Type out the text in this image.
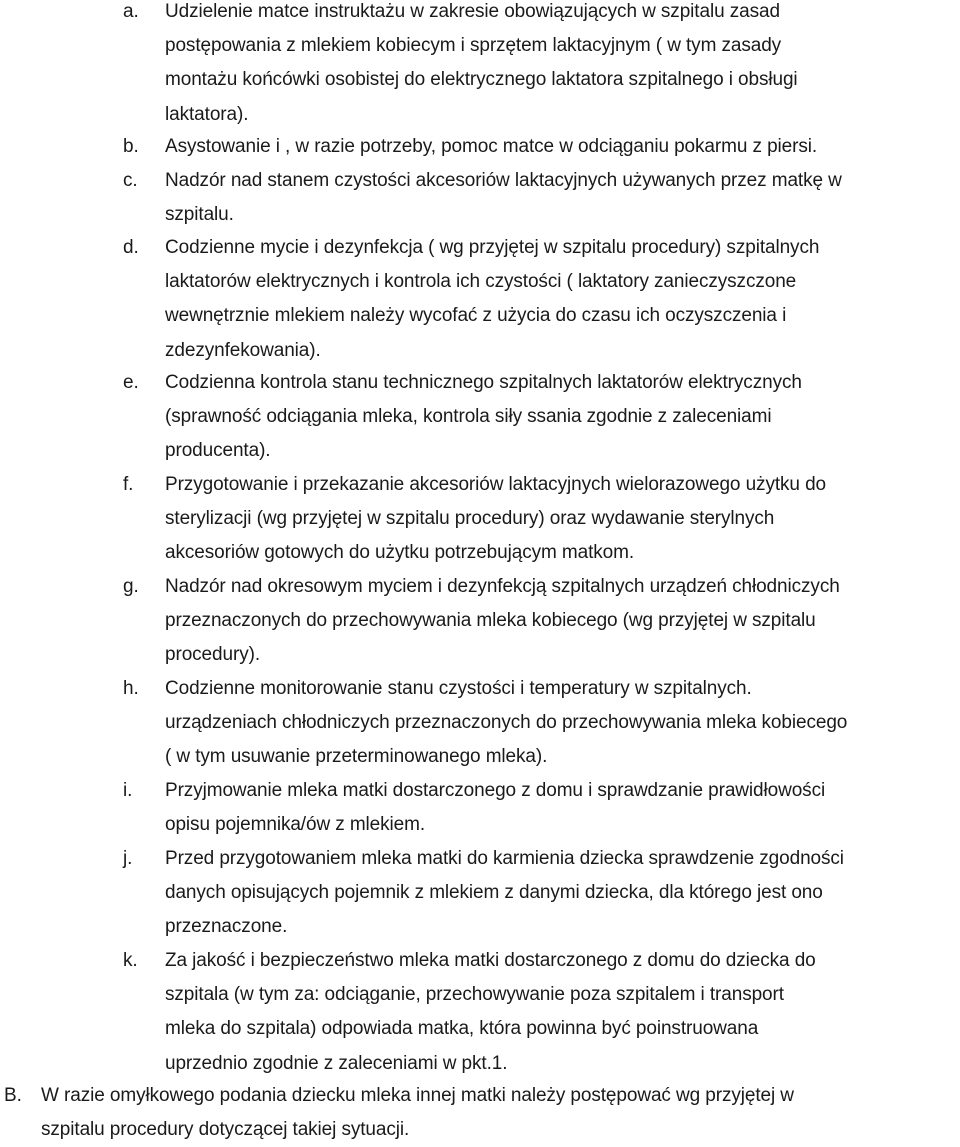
a. Udzielenie matce instruktażu w zakresie obowiązujących w szpitalu zasad
postępowania z mlekiem kobiecym i sprzętem laktacyjnym ( w tym zasady
montażu końcówki osobistej do elektrycznego laktatora szpitalnego i obsługi
laktatora).
b. Asystowanie i , w razie potrzeby, pomoc matce w odciąganiu pokarmu z piersi.
c. Nadzór nad stanem czystości akcesoriów laktacyjnych używanych przez matkę w
szpitalu.
d. Codzienne mycie i dezynfekcja ( wg przyjętej w szpitalu procedury) szpitalnych
laktatorów elektrycznych i kontrola ich czystości ( laktatory zanieczyszczone
wewnętrznie mlekiem należy wycofać z użycia do czasu ich oczyszczenia i
zdezynfekowania).
e. Codzienna kontrola stanu technicznego szpitalnych laktatorów elektrycznych
(sprawność odciągania mleka, kontrola siły ssania zgodnie z zaleceniami
producenta).
f. Przygotowanie i przekazanie akcesoriów laktacyjnych wielorazowego użytku do
sterylizacji (wg przyjętej w szpitalu procedury) oraz wydawanie sterylnych
akcesoriów gotowych do użytku potrzebującym matkom.
g. Nadzór nad okresowym myciem i dezynfekcją szpitalnych urządzeń chłodniczych
przeznaczonych do przechowywania mleka kobiecego (wg przyjętej w szpitalu
procedury).
h. Codzienne monitorowanie stanu czystości i temperatury w szpitalnych.
urządzeniach chłodniczych przeznaczonych do przechowywania mleka kobiecego
( w tym usuwanie przeterminowanego mleka).
i. Przyjmowanie mleka matki dostarczonego z domu i sprawdzanie prawidłowości
opisu pojemnika/ów z mlekiem.
j. Przed przygotowaniem mleka matki do karmienia dziecka sprawdzenie zgodności
danych opisujących pojemnik z mlekiem z danymi dziecka, dla którego jest ono
przeznaczone.
k. Za jakość i bezpieczeństwo mleka matki dostarczonego z domu do dziecka do
szpitala (w tym za: odciąganie, przechowywanie poza szpitalem i transport
mleka do szpitala) odpowiada matka, która powinna być poinstruowana
uprzednio zgodnie z zaleceniami w pkt.1.
B. W razie omyłkowego podania dziecku mleka innej matki należy postępować wg przyjętej w
szpitalu procedury dotyczącej takiej sytuacji.
